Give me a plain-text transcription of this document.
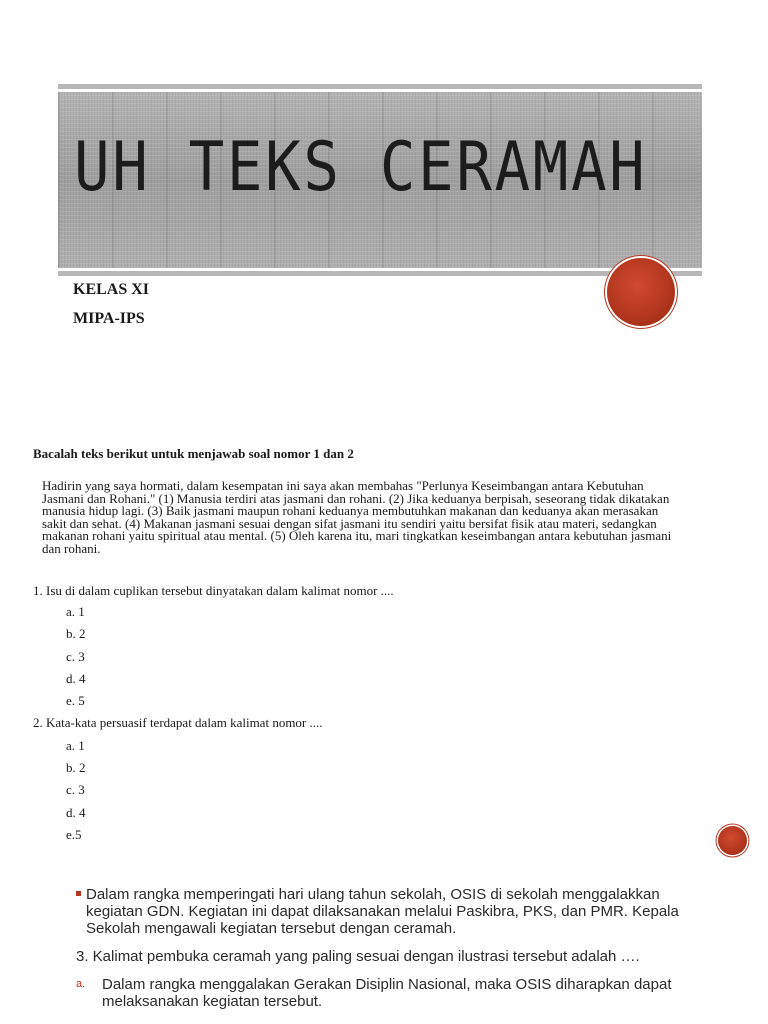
UH TEKS CERAMAH

KELAS XI

MIPA-IPS

Bacalah teks berikut untuk menjawab soal nomor 1 dan 2

Hadirin yang saya hormati, dalam kesempatan ini saya akan membahas "Perlunya Keseimbangan antara Kebutuhan Jasmani dan Rohani." (1) Manusia terdiri atas jasmani dan rohani. (2) Jika keduanya berpisah, seseorang tidak dikatakan manusia hidup lagi. (3) Baik jasmani maupun rohani keduanya membutuhkan makanan dan keduanya akan merasakan sakit dan sehat. (4) Makanan jasmani sesuai dengan sifat jasmani itu sendiri yaitu bersifat fisik atau materi, sedangkan makanan rohani yaitu spiritual atau mental. (5) Oleh karena itu, mari tingkatkan keseimbangan antara kebutuhan jasmani dan rohani.

1. Isu di dalam cuplikan tersebut dinyatakan dalam kalimat nomor ....

a. 1

b. 2

c. 3

d. 4

e. 5

2. Kata-kata persuasif terdapat dalam kalimat nomor ....

a. 1

b. 2

c. 3

d. 4

e.5

Dalam rangka memperingati hari ulang tahun sekolah, OSIS di sekolah menggalakkan kegiatan GDN. Kegiatan ini dapat dilaksanakan melalui Paskibra, PKS, dan PMR. Kepala Sekolah mengawali kegiatan tersebut dengan ceramah.

3. Kalimat pembuka ceramah yang paling sesuai dengan ilustrasi tersebut adalah ….

a. Dalam rangka menggalakan Gerakan Disiplin Nasional, maka OSIS diharapkan dapat melaksanakan kegiatan tersebut.
